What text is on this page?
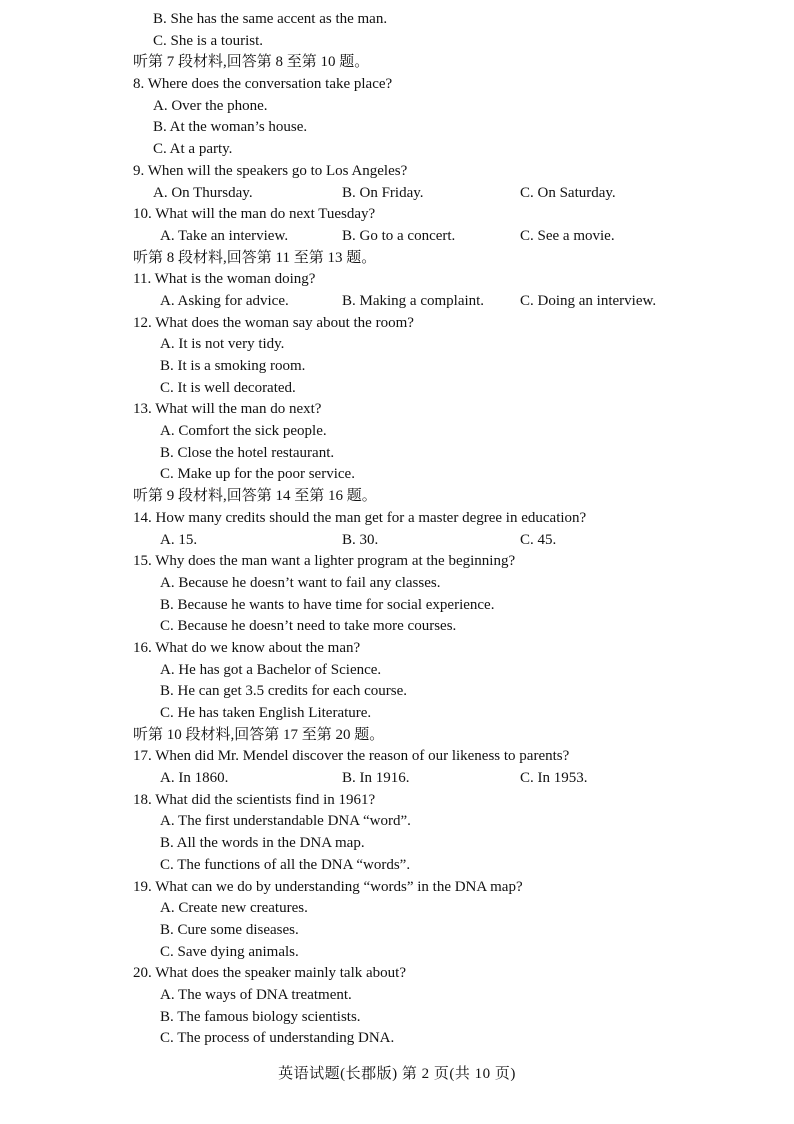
B. She has the same accent as the man.
C. She is a tourist.
听第 7 段材料,回答第 8 至第 10 题。
8. Where does the conversation take place?
A. Over the phone.
B. At the woman’s house.
C. At a party.
9. When will the speakers go to Los Angeles?
A. On Thursday.	B. On Friday.	C. On Saturday.
10. What will the man do next Tuesday?
A. Take an interview.	B. Go to a concert.	C. See a movie.
听第 8 段材料,回答第 11 至第 13 题。
11. What is the woman doing?
A. Asking for advice.	B. Making a complaint. C. Doing an interview.
12. What does the woman say about the room?
A. It is not very tidy.
B. It is a smoking room.
C. It is well decorated.
13. What will the man do next?
A. Comfort the sick people.
B. Close the hotel restaurant.
C. Make up for the poor service.
听第 9 段材料,回答第 14 至第 16 题。
14. How many credits should the man get for a master degree in education?
A. 15.	B. 30.	C. 45.
15. Why does the man want a lighter program at the beginning?
A. Because he doesn’t want to fail any classes.
B. Because he wants to have time for social experience.
C. Because he doesn’t need to take more courses.
16. What do we know about the man?
A. He has got a Bachelor of Science.
B. He can get 3.5 credits for each course.
C. He has taken English Literature.
听第 10 段材料,回答第 17 至第 20 题。
17. When did Mr. Mendel discover the reason of our likeness to parents?
A. In 1860.	B. In 1916.	C. In 1953.
18. What did the scientists find in 1961?
A. The first understandable DNA “word”.
B. All the words in the DNA map.
C. The functions of all the DNA “words”.
19. What can we do by understanding “words” in the DNA map?
A. Create new creatures.
B. Cure some diseases.
C. Save dying animals.
20. What does the speaker mainly talk about?
A. The ways of DNA treatment.
B. The famous biology scientists.
C. The process of understanding DNA.
英语试题(长郡版) 第 2 页(共 10 页)
